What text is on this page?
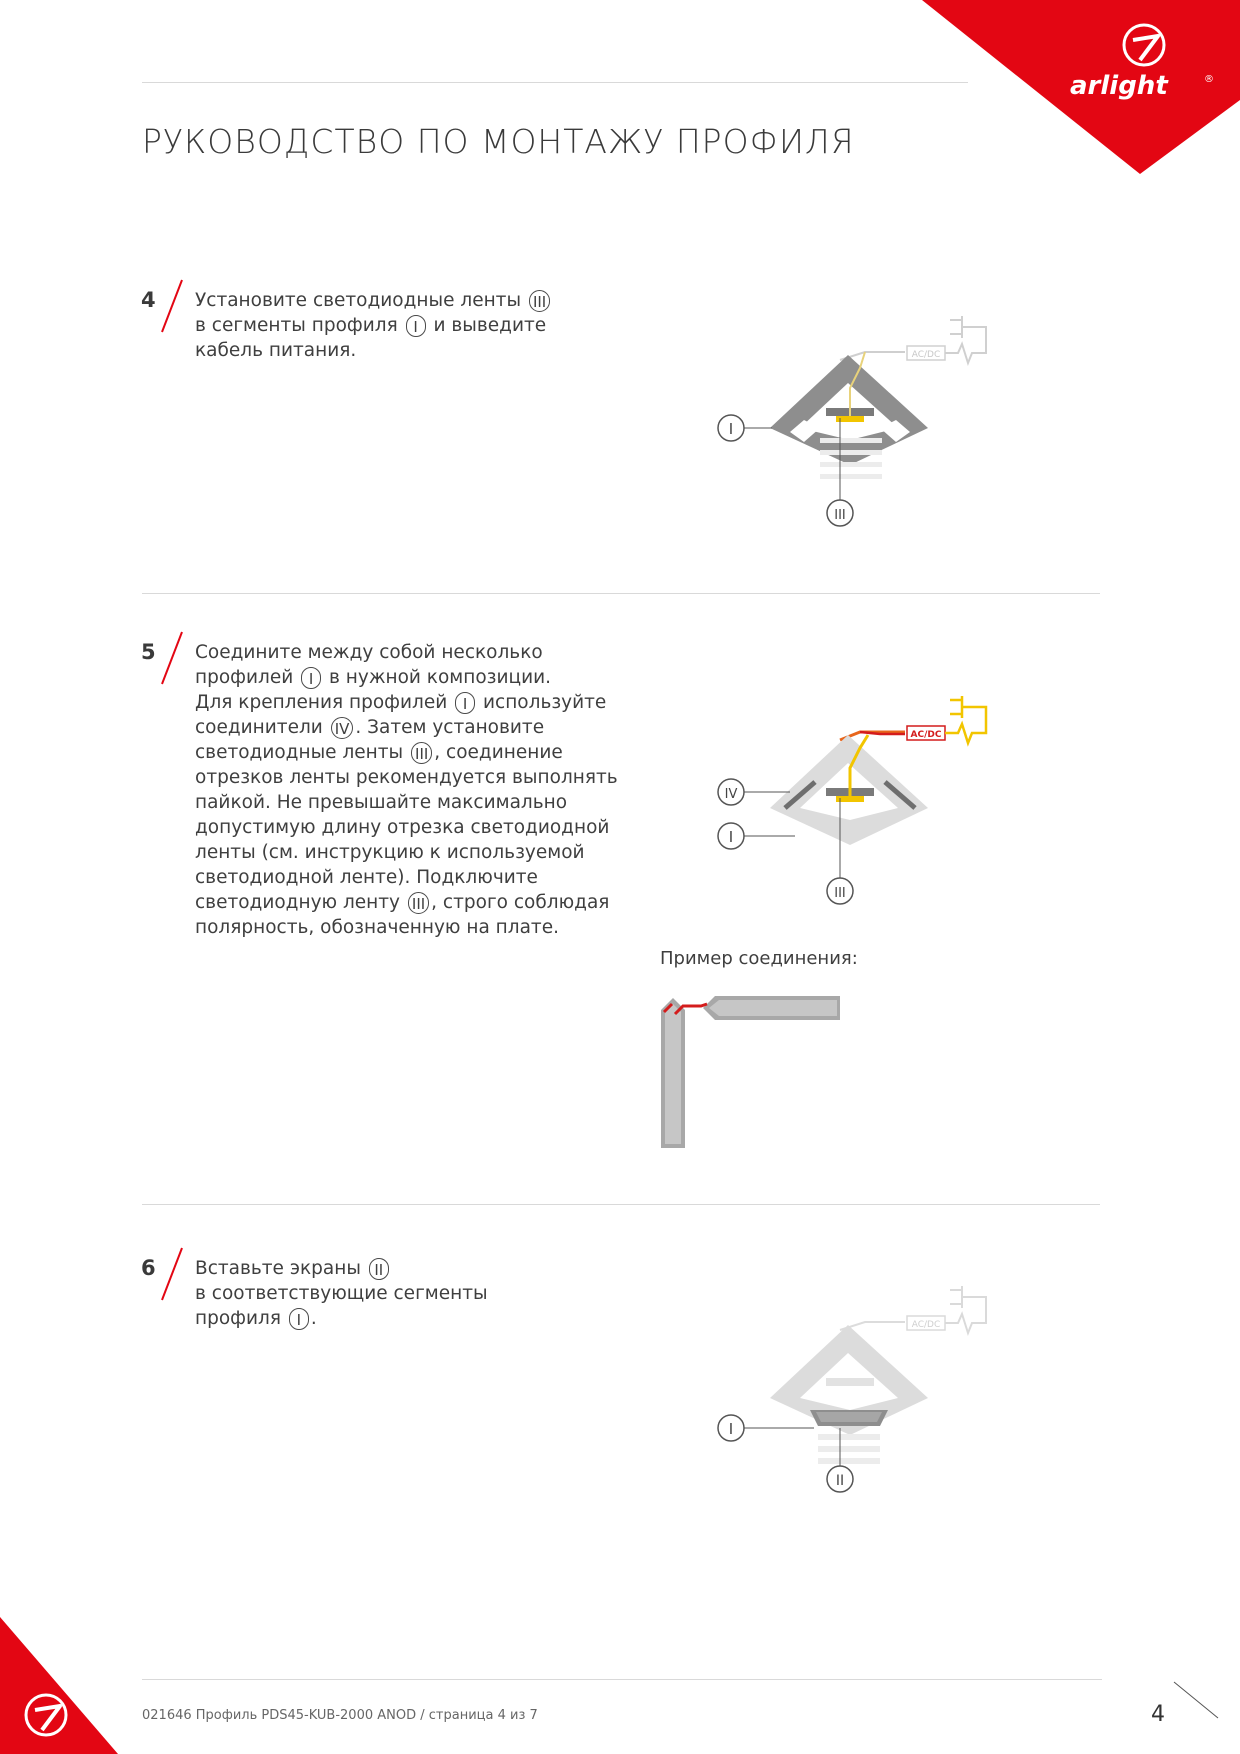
arlight	®
РУКОВОДСТВО ПО МОНТАЖУ ПРОФИЛЯ
4 Установите светодиодные ленты III
в сегменты профиля I и выведите
кабель питания.	AC/DC
I
III
5 Соедините между собой несколько
профилей I в нужной композиции.
Для крепления профилей I используйте
соединители IV . Затем установите
светодиодные ленты III , соединение
отрезков ленты рекомендуется выполнять
пайкой. Не превышайте максимально
допустимую длину отрезка светодиодной
ленты (см. инструкцию к используемой
светодиодной ленте). Подключите
светодиодную ленту III , строго соблюдая
полярность, обозначенную на плате.
AC/DC
IV
I
III
Пример соединения:
6 Вставьте экраны II
в соответствующие сегменты
профиля I .	AC/DC
I
II
021646 Профиль PDS45-KUB-2000 ANOD / страница 4 из 7	4
